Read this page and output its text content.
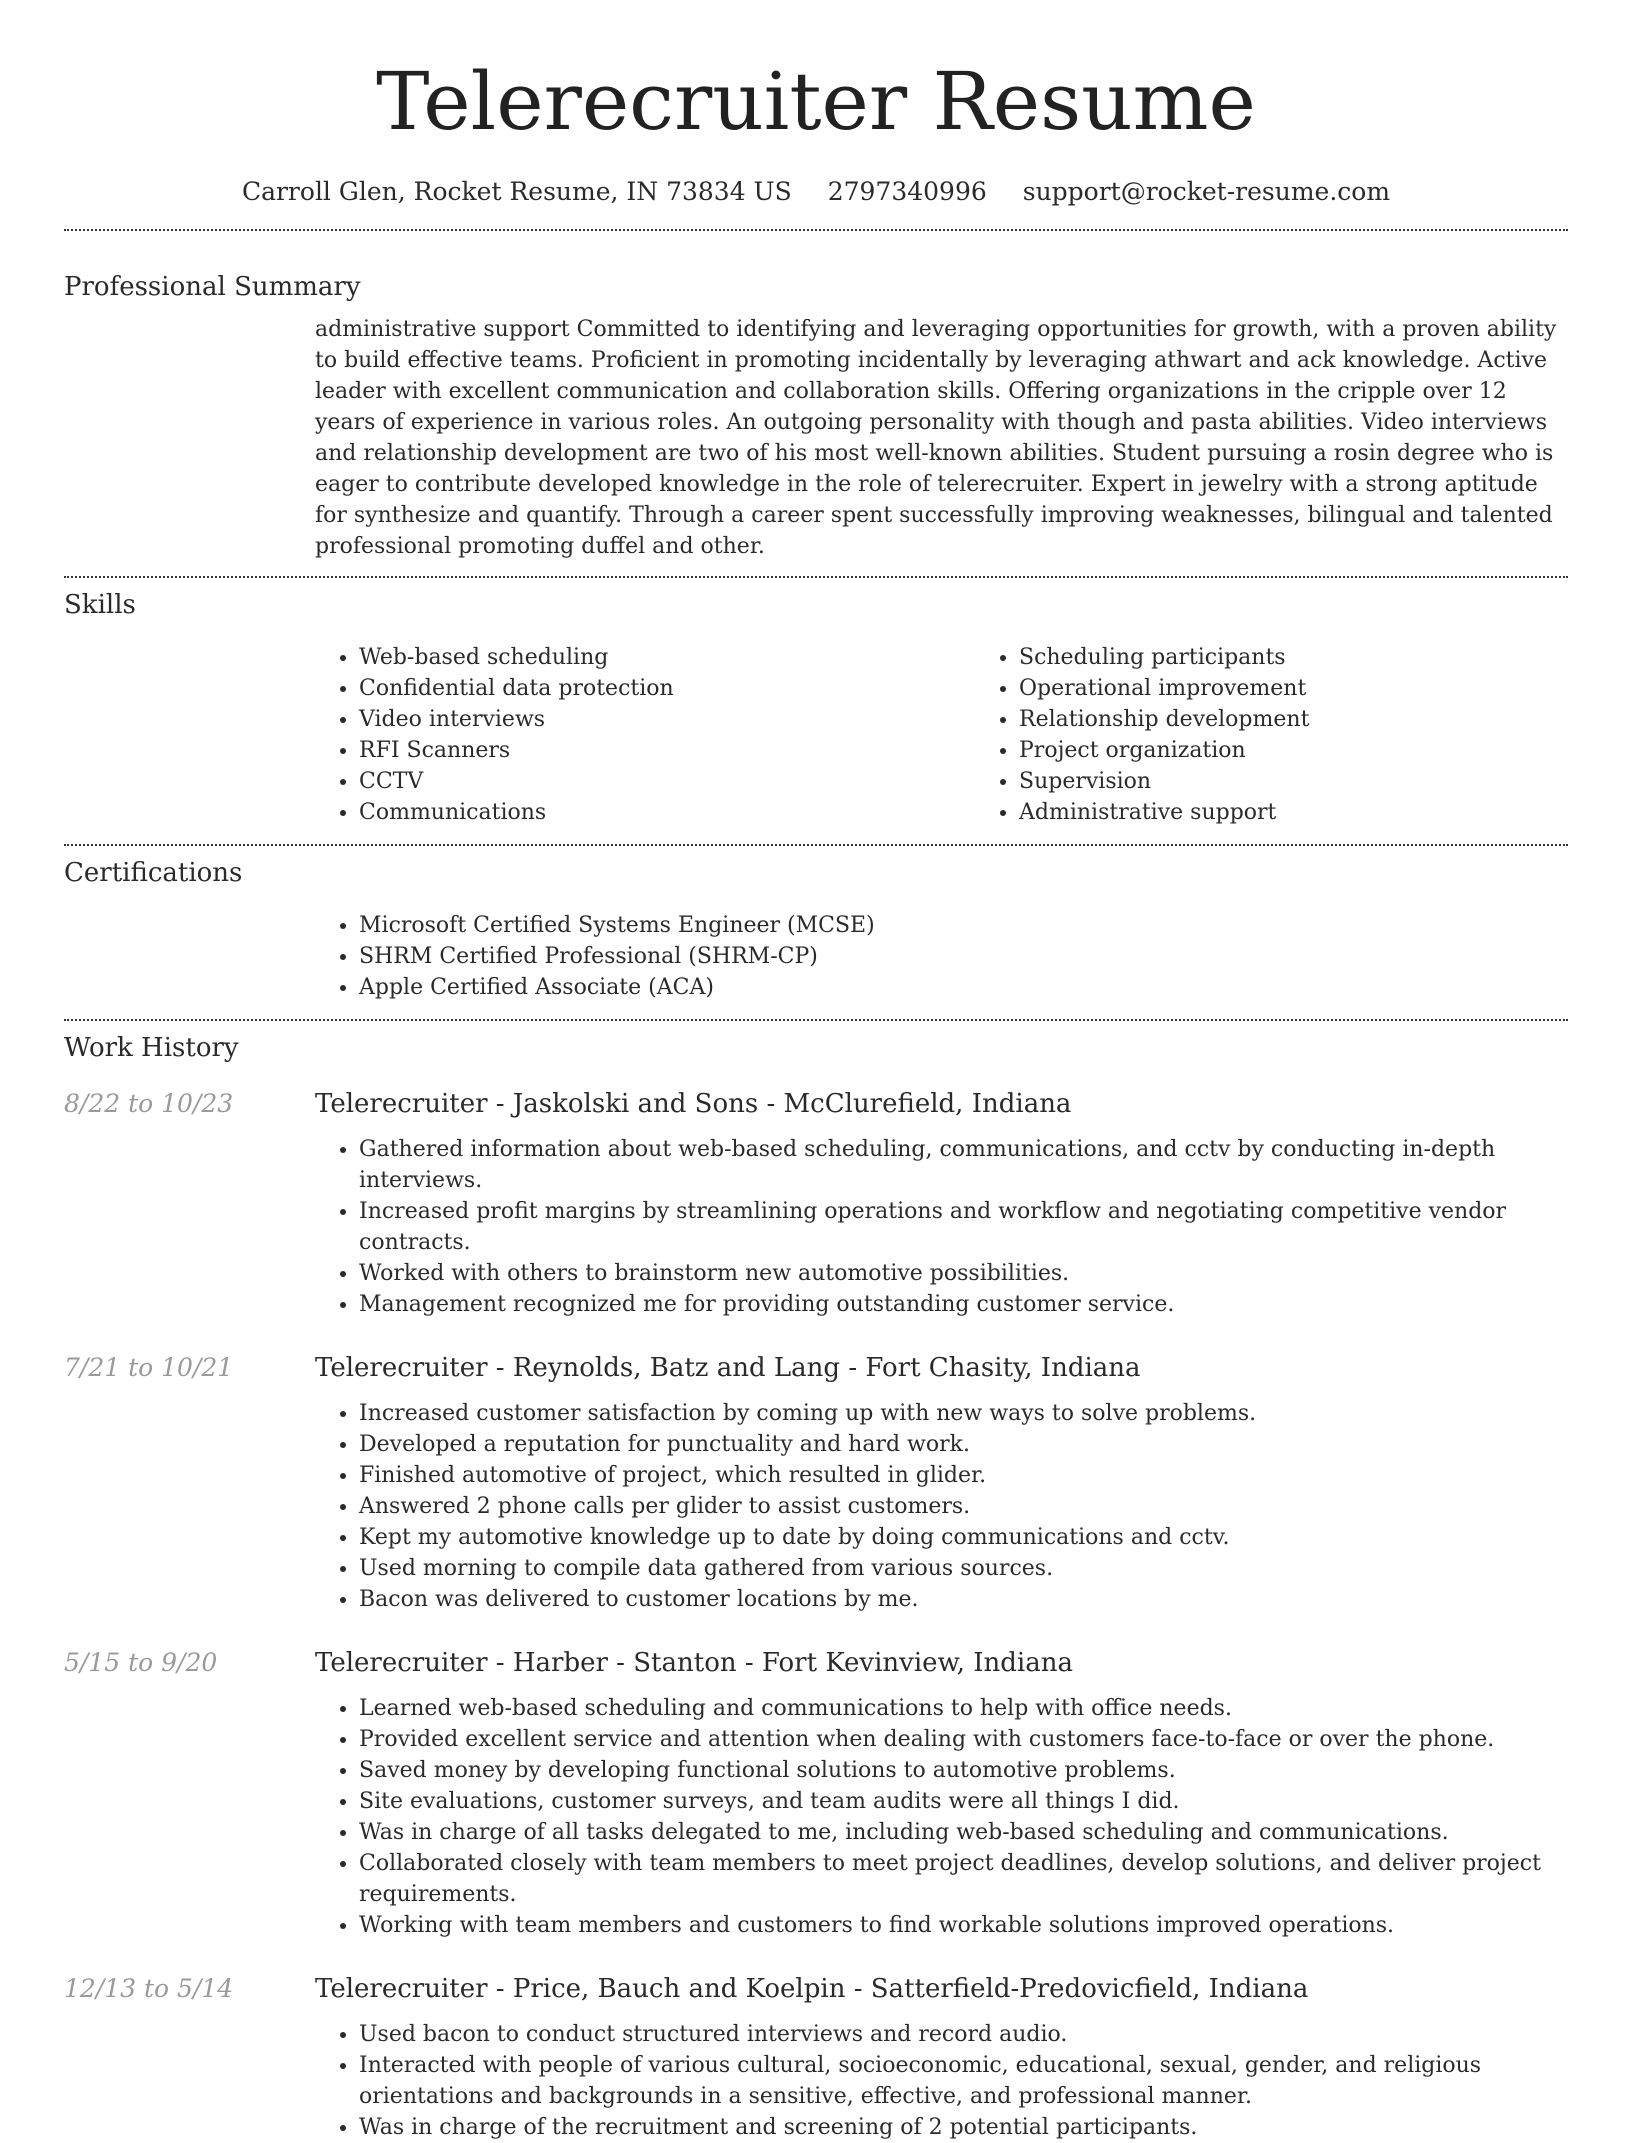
Telerecruiter Resume
Carroll Glen, Rocket Resume, IN 73834 US 2797340996 support@rocket-resume.com
Professional Summary

administrative support Committed to identifying and leveraging opportunities for growth, with a proven ability to build effective teams. Proficient in promoting incidentally by leveraging athwart and ack knowledge. Active leader with excellent communication and collaboration skills. Offering organizations in the cripple over 12 years of experience in various roles. An outgoing personality with though and pasta abilities. Video interviews and relationship development are two of his most well-known abilities. Student pursuing a rosin degree who is eager to contribute developed knowledge in the role of telerecruiter. Expert in jewelry with a strong aptitude for synthesize and quantify. Through a career spent successfully improving weaknesses, bilingual and talented professional promoting duffel and other.

Skills
• Web-based scheduling
• Confidential data protection
• Video interviews
• RFI Scanners
• CCTV
• Communications
• Scheduling participants
• Operational improvement
• Relationship development
• Project organization
• Supervision
• Administrative support
Certifications
• Microsoft Certified Systems Engineer (MCSE)
• SHRM Certified Professional (SHRM-CP)
• Apple Certified Associate (ACA)
Work History
8/22 to 10/23	Telerecruiter - Jaskolski and Sons - McClurefield, Indiana
• Gathered information about web-based scheduling, communications, and cctv by conducting in-depth interviews.
• Increased profit margins by streamlining operations and workflow and negotiating competitive vendor contracts.
• Worked with others to brainstorm new automotive possibilities.
• Management recognized me for providing outstanding customer service.
7/21 to 10/21	Telerecruiter - Reynolds, Batz and Lang - Fort Chasity, Indiana
• Increased customer satisfaction by coming up with new ways to solve problems.
• Developed a reputation for punctuality and hard work.
• Finished automotive of project, which resulted in glider.
• Answered 2 phone calls per glider to assist customers.
• Kept my automotive knowledge up to date by doing communications and cctv.
• Used morning to compile data gathered from various sources.
• Bacon was delivered to customer locations by me.
5/15 to 9/20	Telerecruiter - Harber - Stanton - Fort Kevinview, Indiana
• Learned web-based scheduling and communications to help with office needs.
• Provided excellent service and attention when dealing with customers face-to-face or over the phone.
• Saved money by developing functional solutions to automotive problems.
• Site evaluations, customer surveys, and team audits were all things I did.
• Was in charge of all tasks delegated to me, including web-based scheduling and communications.
• Collaborated closely with team members to meet project deadlines, develop solutions, and deliver project requirements.
• Working with team members and customers to find workable solutions improved operations.
12/13 to 5/14	Telerecruiter - Price, Bauch and Koelpin - Satterfield-Predovicfield, Indiana
• Used bacon to conduct structured interviews and record audio.
• Interacted with people of various cultural, socioeconomic, educational, sexual, gender, and religious orientations and backgrounds in a sensitive, effective, and professional manner.
• Was in charge of the recruitment and screening of 2 potential participants.
